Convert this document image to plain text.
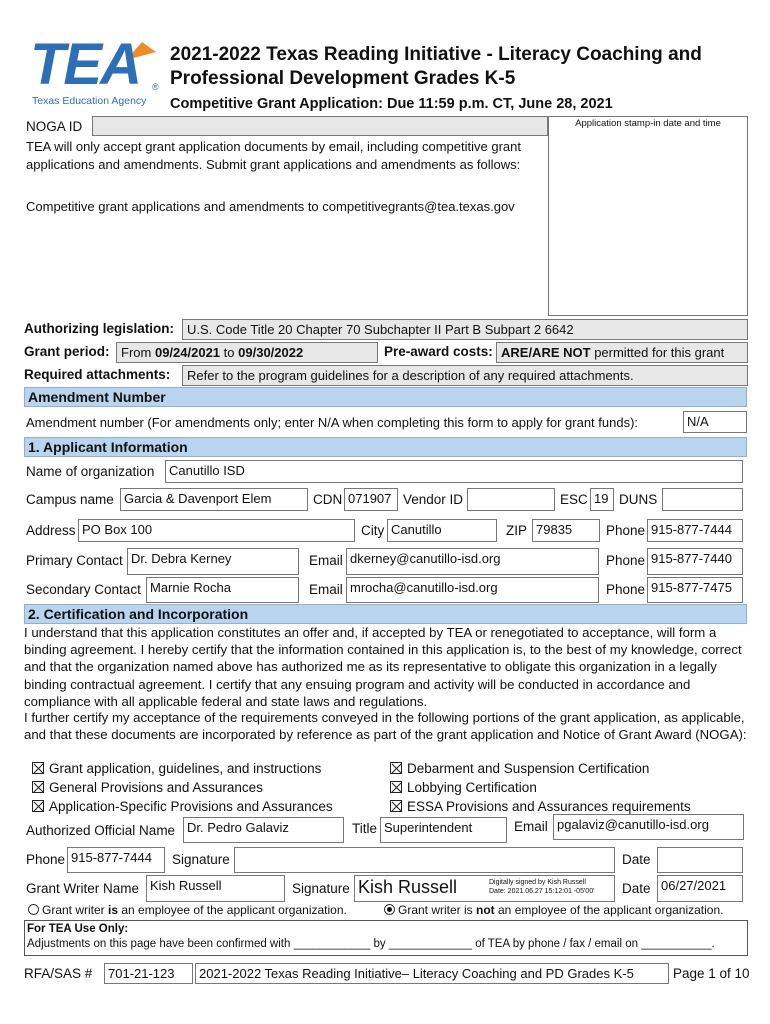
TEA ®
Texas Education Agency
2021-2022 Texas Reading Initiative - Literacy Coaching and
Professional Development Grades K-5
Competitive Grant Application: Due 11:59 p.m. CT, June 28, 2021
NOGA ID	Application stamp-in date and time
TEA will only accept grant application documents by email, including competitive grant applications and amendments. Submit grant applications and amendments as follows:
Competitive grant applications and amendments to competitivegrants@tea.texas.gov
Authorizing legislation:	U.S. Code Title 20 Chapter 70 Subchapter II Part B Subpart 2 6642
Grant period: From 09/24/2021 to 09/30/2022	Pre-award costs: ARE/ARE NOT permitted for this grant
Required attachments:	Refer to the program guidelines for a description of any required attachments.
Amendment Number
Amendment number (For amendments only; enter N/A when completing this form to apply for grant funds):	N/A
1. Applicant Information
Name of organization	Canutillo ISD
Campus name Garcia & Davenport Elem	CDN 071907 Vendor ID	ESC 19 DUNS
Address PO Box 100	City Canutillo	ZIP 79835	Phone 915-877-7444
Primary Contact Dr. Debra Kerney	Email dkerney@canutillo-isd.org	Phone 915-877-7440
Secondary Contact Marnie Rocha	Email mrocha@canutillo-isd.org	Phone 915-877-7475
2. Certification and Incorporation
I understand that this application constitutes an offer and, if accepted by TEA or renegotiated to acceptance, will form a binding agreement. I hereby certify that the information contained in this application is, to the best of my knowledge, correct and that the organization named above has authorized me as its representative to obligate this organization in a legally binding contractual agreement. I certify that any ensuing program and activity will be conducted in accordance and compliance with all applicable federal and state laws and regulations.
I further certify my acceptance of the requirements conveyed in the following portions of the grant application, as applicable, and that these documents are incorporated by reference as part of the grant application and Notice of Grant Award (NOGA):
Grant application, guidelines, and instructions
General Provisions and Assurances
Application-Specific Provisions and Assurances
Debarment and Suspension Certification
Lobbying Certification
ESSA Provisions and Assurances requirements
Authorized Official Name Dr. Pedro Galaviz	Title Superintendent	Email pgalaviz@canutillo-isd.org
Phone 915-877-7444	Signature	Date
Grant Writer Name Kish Russell	Signature Kish Russell	Digitally signed by Kish Russell
Date: 2021.06.27 15:12:01 -05'00' Date 06/27/2021
Grant writer is an employee of the applicant organization.	Grant writer is not an employee of the applicant organization.
For TEA Use Only:
Adjustments on this page have been confirmed with ____________ by _____________ of TEA by phone / fax / email on ___________.
RFA/SAS #	701-21-123	2021-2022 Texas Reading Initiative– Literacy Coaching and PD Grades K-5	Page 1 of 10
